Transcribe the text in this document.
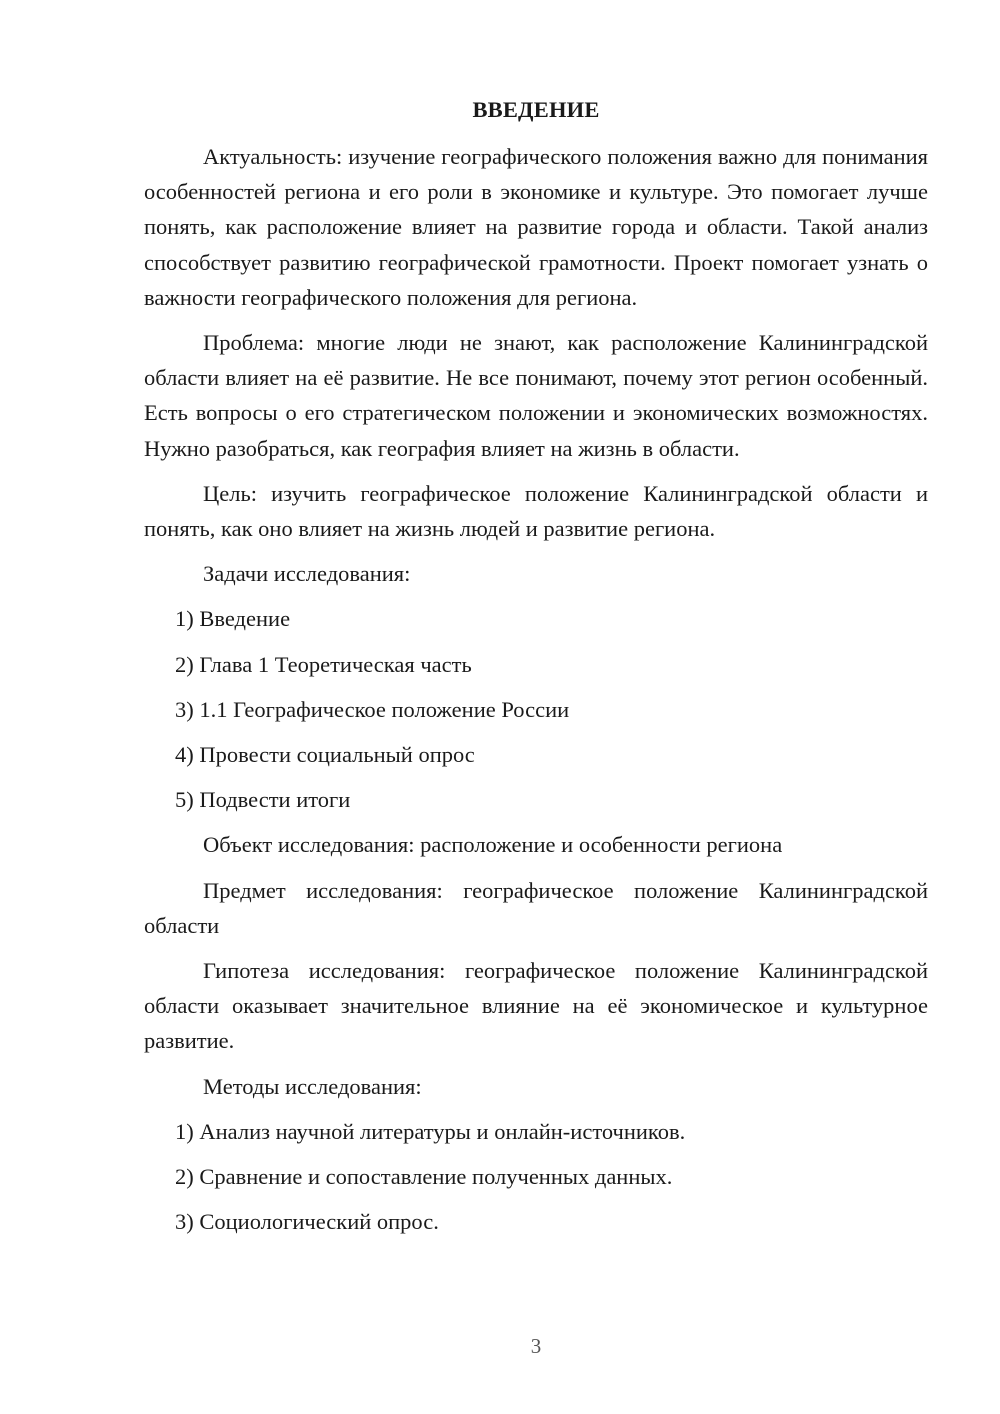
ВВЕДЕНИЕ

Актуальность: изучение географического положения важно для понимания особенностей региона и его роли в экономике и культуре. Это помогает лучше понять, как расположение влияет на развитие города и области. Такой анализ способствует развитию географической грамотности. Проект помогает узнать о важности географического положения для региона.

Проблема: многие люди не знают, как расположение Калининградской области влияет на её развитие. Не все понимают, почему этот регион особенный. Есть вопросы о его стратегическом положении и экономических возможностях. Нужно разобраться, как география влияет на жизнь в области.

Цель: изучить географическое положение Калининградской области и понять, как оно влияет на жизнь людей и развитие региона.

Задачи исследования:
1) Введение
2) Глава 1 Теоретическая часть
3) 1.1 Географическое положение России
4) Провести социальный опрос
5) Подвести итоги
Объект исследования: расположение и особенности региона

Предмет исследования: географическое положение Калининградской области

Гипотеза исследования: географическое положение Калининградской области оказывает значительное влияние на её экономическое и культурное развитие.

Методы исследования:
1) Анализ научной литературы и онлайн-источников.
2) Сравнение и сопоставление полученных данных.
3) Социологический опрос.
3
